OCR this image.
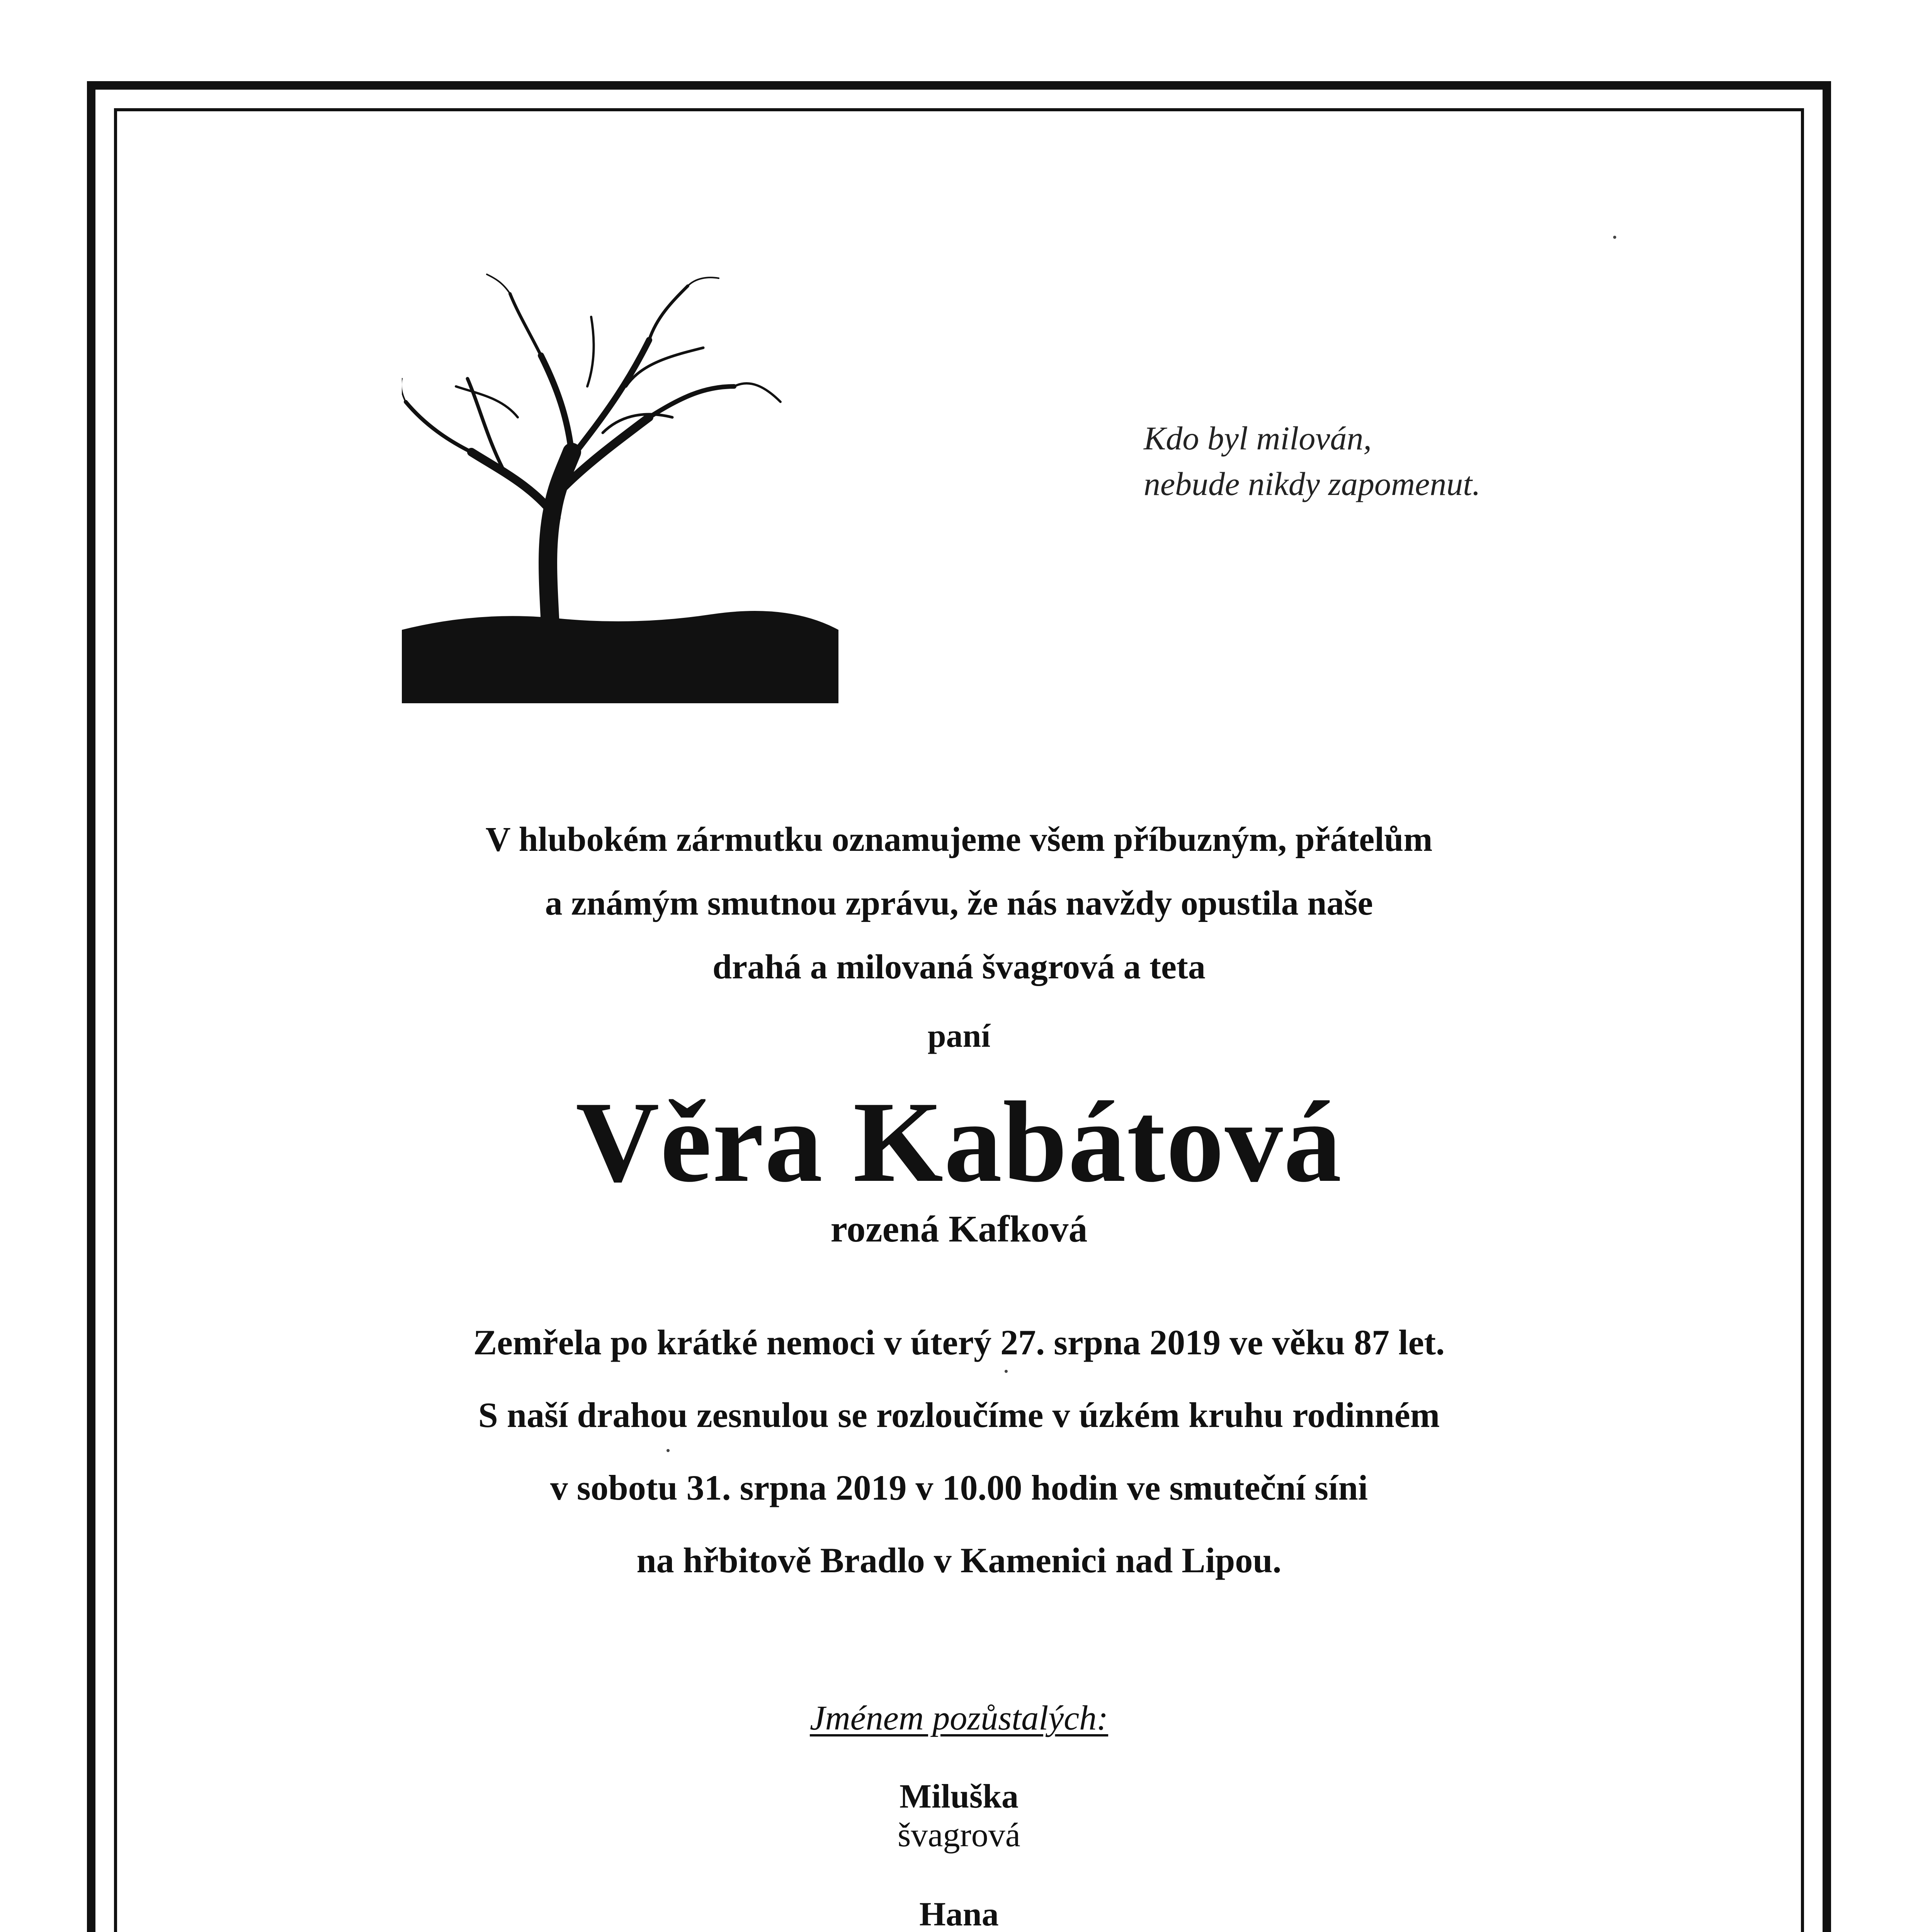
Kdo byl milován,
nebude nikdy zapomenut.
V hlubokém zármutku oznamujeme všem příbuzným, přátelům
a známým smutnou zprávu, že nás navždy opustila naše
drahá a milovaná švagrová a teta
paní
Věra Kabátová
rozená Kafková
Zemřela po krátké nemoci v úterý 27. srpna 2019 ve věku 87 let.
S naší drahou zesnulou se rozloučíme v úzkém kruhu rodinném
v sobotu 31. srpna 2019 v 10.00 hodin ve smuteční síni
na hřbitově Bradlo v Kamenici nad Lipou.
Jménem pozůstalých:
Miluška
švagrová
Hana
